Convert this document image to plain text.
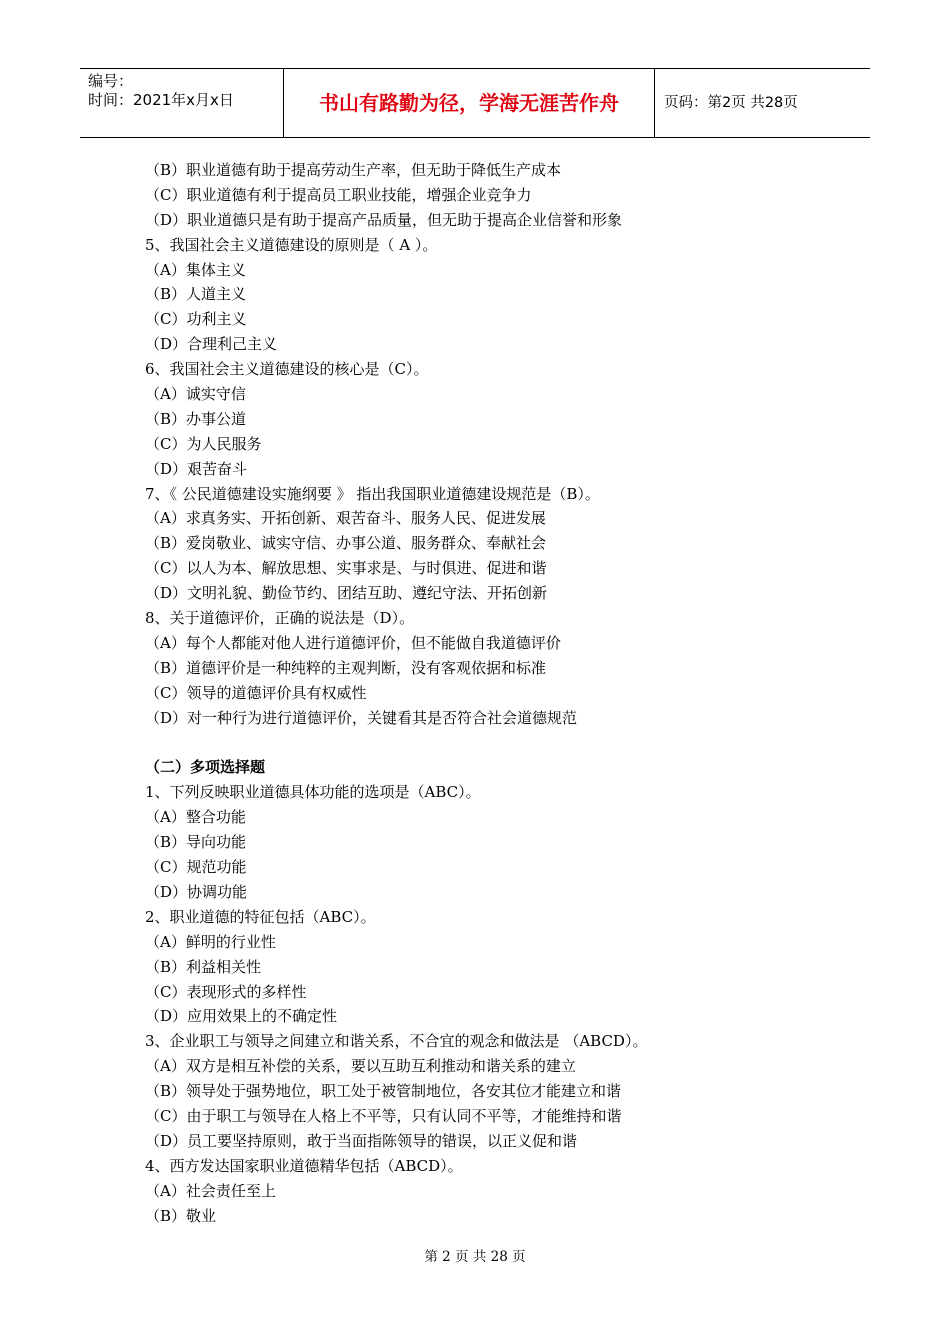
编号：
时间：2021年x月x日	书山有路勤为径，学海无涯苦作舟	页码：第2页 共28页
（B）职业道德有助于提高劳动生产率，但无助于降低生产成本
（C）职业道德有利于提高员工职业技能，增强企业竞争力
（D）职业道德只是有助于提高产品质量，但无助于提高企业信誉和形象
5、我国社会主义道德建设的原则是（ A ）。
（A）集体主义
（B）人道主义
（C）功利主义
（D）合理利己主义
6、我国社会主义道德建设的核心是（C）。
（A）诚实守信
（B）办事公道
（C）为人民服务
（D）艰苦奋斗
7、《 公民道德建设实施纲要 》 指出我国职业道德建设规范是（B）。
（A）求真务实、开拓创新、艰苦奋斗、服务人民、促进发展
（B）爱岗敬业、诚实守信、办事公道、服务群众、奉献社会
（C）以人为本、解放思想、实事求是、与时俱进、促进和谐
（D）文明礼貌、勤俭节约、团结互助、遵纪守法、开拓创新
8、关于道德评价，正确的说法是（D）。
（A）每个人都能对他人进行道德评价，但不能做自我道德评价
（B）道德评价是一种纯粹的主观判断，没有客观依据和标准
（C）领导的道德评价具有权威性
（D）对一种行为进行道德评价，关键看其是否符合社会道德规范
（二）多项选择题
1、下列反映职业道德具体功能的选项是（ABC）。
（A）整合功能
（B）导向功能
（C）规范功能
（D）协调功能
2、职业道德的特征包括（ABC）。
（A）鲜明的行业性
（B）利益相关性
（C）表现形式的多样性
（D）应用效果上的不确定性
3、企业职工与领导之间建立和谐关系，不合宜的观念和做法是 （ABCD）。
（A）双方是相互补偿的关系，要以互助互利推动和谐关系的建立
（B）领导处于强势地位，职工处于被管制地位，各安其位才能建立和谐
（C）由于职工与领导在人格上不平等，只有认同不平等，才能维持和谐
（D）员工要坚持原则，敢于当面指陈领导的错误，以正义促和谐
4、西方发达国家职业道德精华包括（ABCD）。
（A）社会责任至上
（B）敬业
第 2 页 共 28 页
